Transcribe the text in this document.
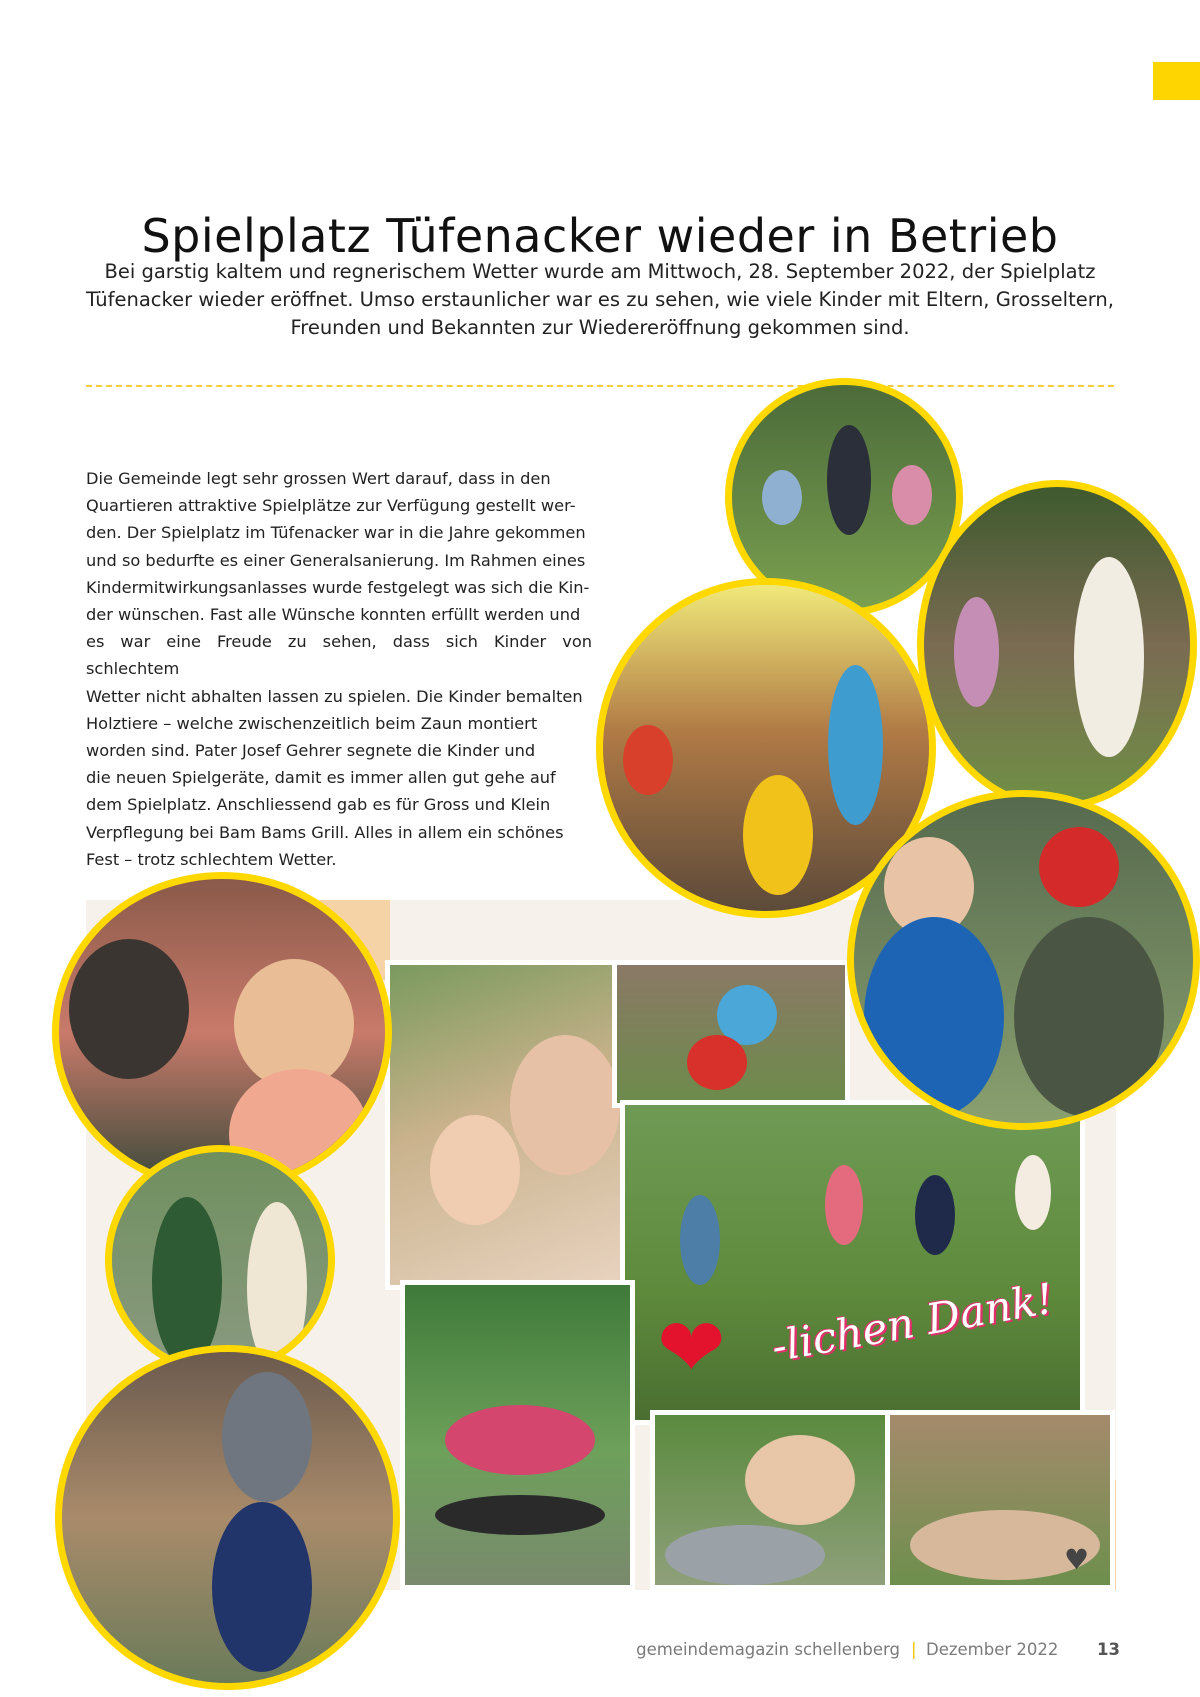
Spielplatz Tüfenacker wieder in Betrieb
Bei garstig kaltem und regnerischem Wetter wurde am Mittwoch, 28. September 2022, der Spielplatz
Tüfenacker wieder eröffnet. Umso erstaunlicher war es zu sehen, wie viele Kinder mit Eltern, Grosseltern,
Freunden und Bekannten zur Wiedereröffnung gekommen sind.

Die Gemeinde legt sehr grossen Wert darauf, dass in den

Quartieren attraktive Spielplätze zur Verfügung gestellt wer-

den. Der Spielplatz im Tüfenacker war in die Jahre gekommen

und so bedurfte es einer Generalsanierung. Im Rahmen eines

Kindermitwirkungsanlasses wurde festgelegt was sich die Kin-

der wünschen. Fast alle Wünsche konnten erfüllt werden und

es war eine Freude zu sehen, dass sich Kinder von schlechtem

Wetter nicht abhalten lassen zu spielen. Die Kinder bemalten

Holztiere – welche zwischenzeitlich beim Zaun montiert

worden sind. Pater Josef Gehrer segnete die Kinder und

die neuen Spielgeräte, damit es immer allen gut gehe auf

dem Spielplatz. Anschliessend gab es für Gross und Klein

Verpflegung bei Bam Bams Grill. Alles in allem ein schönes

Fest – trotz schlechtem Wetter.

❤ -lichen Dank!
♥
gemeindemagazin schellenberg | Dezember 2022 13
